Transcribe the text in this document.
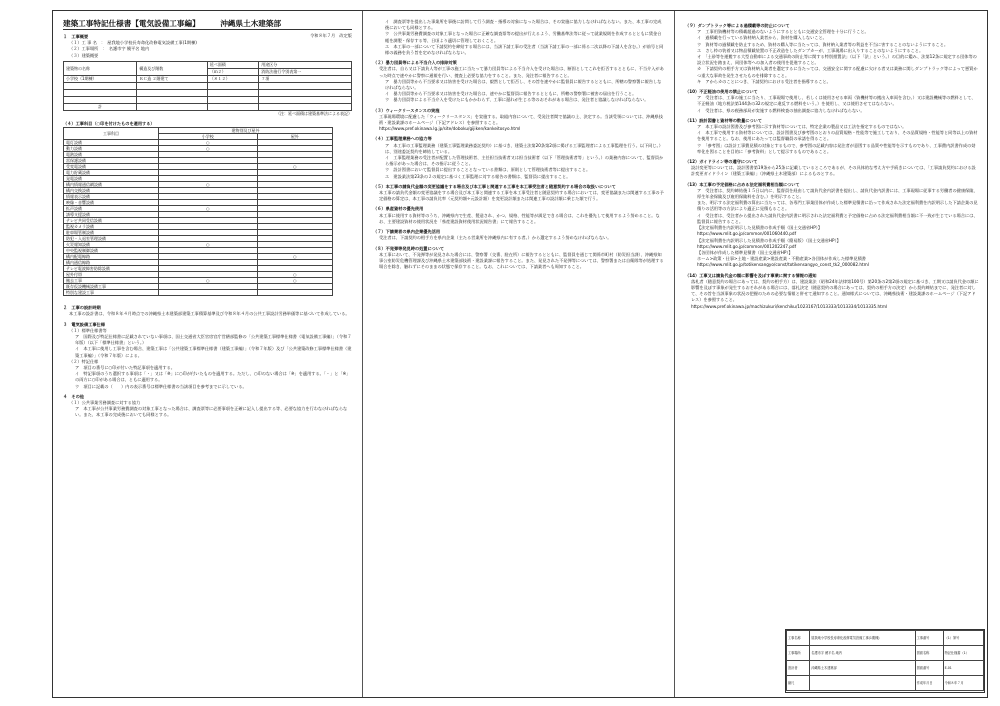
建築工事特記仕様書【電気設備工事編】	沖縄県土木建築部
令和８年７月　改定版
１　工事概要
（１）工 事 名　：　屋我地小学校長寿命化改修電気設備工事(1期棟)
（２）工事場所　：　名護市字 饒平名 地内
（３）建築概要
建築物の名称	構造及び階数	延べ面積	用途区分
		（ｍ２）	消防法施行令別表第一
小学校（1期棟）	ＲＣ造 ２階建て	（８１２）	７項

計			
（注：延べ面積は建築基準法による表記）
（４）工事科目（○印を付けたものを適用する）
工事科目	建物別及び屋外	
	小学校	屋外
電灯設備	○	
動力設備	○	
電熱設備		
雷保護設備		
受変電設備		○
電力貯蔵設備		
発電設備		
構内情報通信網設備	○	
構内交換設備		
情報表示設備		
映像・音響設備		
拡声設備	○	
誘導支援設備		
テレビ共同受信設備		
監視カメラ設備		
駐車場管制設備		
防犯・入退室管理設備		
火災報知設備	○	
中央監視制御設備		
構内配電線路		○
構内通信線路		
テレビ電波障害防除設備		
屋外付帯		○
撤去工事	○	○
既存仮設機械設備工事		
特別な建設工事		
２　工事の設計時期
本工事の設計書は、令和８年４月時点での沖縄県土木建築部建築工事積算基準及び令和８年４月の公共工事設計労務単価等に基づいて作成している。
３　電気設備工事仕様
（１）標準仕様書等
ア　国際及び特記仕様書に記載されていない事項は、国土交通省大臣官房官庁営繕部監修の「公共建築工事標準仕様書（電気設備工事編）」（令和７年版）（以下「標準仕様書」という。）
イ　本工事に使用し工事を含む場合、建築工事は「公共建築工事標準仕様書（建築工事編）」（令和７年版）及び「公共建築改修工事標準仕様書（建築工事編）」（令和７年版）による。
（２）特記仕様
ア　項目の番号に○印が付いた特記事項を適用する。
イ　特記事項のうち選択する事項は「・」又は「※」に○印が付いたものを適用する。ただし、○印のない場合は「※」を適用する。「・」と「※」の両方に○印がある場合は、ともに適用する。
ウ　項目に記載の（　　）内の表示番号は標準仕様書の当該項目を参考までに示している。
４　その他
（１）公共事業労務調査に対する協力
ア　本工事が公共事業労務費調査の対象工事となった場合は、調査票等に必要事項を正確に記入し提出する等、必要な協力を行わなければならない。また、本工事の完成後においても同様とする。
イ　調査票等を提出した事業所を事後に訪問して行う調査・指導の対象になった場合は、その実施に協力しなければならない。また、本工事の完成後においても同様とする。
ウ　公共事業労務費調査の対象工事となった場合に正確な調査票等の提出が行えるよう、労働基準法等に従って就業規則を作成するとともに賃金台帳を調製・保存する等、日頃より適切に管理しておくこと。
エ　本工事の一部について下請契約を締結する場合には、当該下請工事の受注者（当該下請工事の一部に係る二次以降の下請人を含む。）が前号と同様の義務を負う旨を定めなければならない。
（２）暴力団員等による不当介入の排除対策
受注者は、自ら又は下請負人等が工事の施工に当たって暴力団員等による不当介入を受けた場合は、断固としてこれを拒否するとともに、不当介入があった時点で速やかに警察に通報を行い、捜査上必要な協力をすること。また、発注者に報告すること。
ア　暴力団員等から不当要求又は妨害を受けた場合は、毅然として拒否し、その旨を速やかに監督員に報告するとともに、所轄の警察署に報告しなければならない。
イ　暴力団員等から不当要求又は妨害を受けた場合は、速やかに監督員に報告するとともに、所轄の警察署に被害の届出を行うこと。
ウ　暴力団員等による不当介入を受けたにもかかわらず、工事に遅れが生じる等のおそれがある場合は、発注者と協議しなければならない。
（３）ウィークリースタンスの実施
工事現場環境に配慮した「ウィークリースタンス」を実施する。取組内容について、受発注者間で協議の上、決定する。当該受領については、沖縄県技術・建設業課のホームページ（下記アドレス）を参照すること。
https://www.pref.okinawa.lg.jp/site/doboku/gijiken/kankeitosyo.html
（４）工事監理業務への協力等
ア　本工事の工事監理業務（建築工事監理業務委託契約）に基づき、建築士法第20条第2項に掲げる工事監理者による工事監理を行う。以下同じ。）は、別途委託契約を締結している。
イ　工事監理業務の受注者が配置した管理技術者、主任担当技術者又は担当技術者（以下「管理技術者等」という。）の業務内容について、監督員から指示があった場合は、その指示に従うこと。
ウ　設計図書において監督員に提出することとなっている書類は、原則として管理技術者等に提出すること。
エ　建設業法第23条の２の規定に基づく工事監理に対する報告の書類は、監督員に提出すること。
（５）本工事の請負代金額の変更協議をする場合及び本工事と関連する工事を本工事受注者と随意契約する場合の取扱いについて
本工事の請負代金額の変更協議をする場合及び本工事と関連する工事を本工事受注者と随意契約する場合においては、変更協議または関連する工事の予定価格の算定は、本工事の請負比率（元契約額÷元設計額）を変更設計額または関連工事の設計額に乗じた額で行う。
（６）県産資材の優先使用
本工事に使用する資材等のうち、沖縄県内で生産、製造され、かつ、規格、性能等が満足できる場合は、これを優先して使用するよう努めること。なお、主要建設資材の使用状況を「県産建設資材使用状況報告書」にて報告すること。
（７）下請業者の県内企業優先活用
受注者は、下請契約の相手方を県内企業（主たる営業所を沖縄県内に有する者。）から選定するよう努めなければならない。
（８）不発弾等発見時の処置について
本工事において、不発弾等が発見された場合には、警察署（交番、駐在所）に報告するとともに、監督員を通じて関係市町村（防災担当課）、沖縄県知事公室防災危機管理課及び沖縄県土木建築部技術・建設業課に報告すること。また、発見された不発弾等については、警察署または自衛隊等が処理する場合を除き、触れずにそのままの状態で保存すること。なお、これについては、下請業者へも周知すること。
（９）ダンプトラック等による過積載等の防止について
ア　工事用資機材等の積載超過のないようにするとともに交通安全管理を十分に行うこと。
イ　過積載を行っている資材納入業者から、資材を購入しないこと。
ウ　資材等の過積載を防止するため、資材の購入等に当たっては、資材納入業者等の利益を不当に害することのないようにすること。
エ　さし枠の装着又は物品積載装置の不正改造をしたダンプカーが、工事現場に出入りすることのないようにすること。
オ　「土砂等を運搬する大型自動車による交通事故の防止等に関する特別措置法」（以下「法」という。）の目的に鑑み、法第12条に規定する団体等の設立状況を踏まえ、同団体等への加入者の使用を促進すること。
カ　下請契約の相手方又は資材納入業者を選定するに当たっては、交通安全に関する配慮に欠ける者又は業務に関しダンプトラック等によって悪質かつ重大な事故を発生させたものを排除すること。
キ　アからカのことにつき、下請契約における受注者を指導すること。
（10）不正軽油の使用の禁止について
ア　受注者は、工事の施工に当たり、工事現場で使用し、若しくは使用させる車両（資機材等の搬出入車両を含む。）又は建設機械等の燃料として、不正軽油（地方税法第144条の32の規定に違反する燃料をいう。）を使用し、又は使用させてはならない。
イ　受注者は、県の税務部局が実施する燃料検査の抽出調査に協力しなければならない。
（11）設計図書と資材等の数量について
ア　本工事の設計図書及び参考図に示す資材等については、特定企業の製品又は工法を指定するものではない。
イ　本工事で使用する資材等については、設計図書及び参考図のとおりの品質規格・性能等で施工しており、その品質規格・性能等と同等以上の資材を使用すること。なお、使用にあたっては監督職員の承諾を得ること。
ウ　「参考図」は設計工事費見積の対象とするもので、参考図の記載内容は発注者が意図する品質や性能等を示すものであり、工事費内訳書作成の効率化を図ることを目的に「参考資料」として提示するものであること。
（12）ガイドライン等の遵守について
設計変更等については、設計図書第19条から25条に記載しているところであるが、その具体的な考え方や手続きについては、「工事請負契約における設計変更ガイドライン（建築工事編）」（沖縄県土木建築部）によるものとする。
（13）本工事の予定価格に占める法定福利費相当額について
ア　受注者は、契約締結後１５日以内に、監督員を経由して請負代金内訳書を提出し、請負代金内訳書には、工事現場に従事する労働者の健康保険、厚生年金保険及び雇用保険料を含む。）を明示すること。
また、明示する法定福利費の算出に当たっては、各専門工事業団体が作成した標準見積書に沿って作成された法定福利費を内訳明示した下請企業の見積りの活用等の方法により適正に見積もること。
イ　受注者は、受注者から提出された請負代金内訳書に明示された法定福利費と予定価格に占める法定福利費相当額に不一致が生じている場合には、監督員に報告すること。
【法定福利費を内訳明示した見積書の作成手順（国土交通省HP）】
https://www.mlit.go.jp/common/001060440.pdf
【法定福利費を内訳明示した見積書の作成手順（簡易版）（国土交通省HP）】
https://www.mlit.go.jp/common/001202247.pdf
【各団体が作成した標準見積書（国土交通省HP）】
ホーム>政策・仕事>土地・建設産業>建設産業・不動産業>各団体が作成した標準見積書
https://www.mlit.go.jp/totikensangyo/const/totikensangyo_const_tk2_000082.html
（14）工事又は請負代金の額に影響を及ぼす事業に関する情報の通知
落札者（随意契約の場合にあっては、契約の相手方）は、建設業法（昭和24年法律第100号）第20条の2第2項の規定に基づき、工期又は請負代金の額に影響を及ぼす事象が発生するおそれがある場合には、落札決定（随意契約の場合にあっては、契約の相手方の決定）から契約締結までに、発注者に対して、その旨を当該事象の状況の把握のための必要な情報と併せて通知すること。通知様式については、沖縄県技術・建設業課のホームページ（下記アドレス）を参照すること。
https://www.pref.okinawa.jp/machizukuri/kenchiku/1023167/1013333/1013334/1013335.html
工事名称	屋我地小学校長寿命化改修電気設備工事(1期棟)	工事番号	（1）第号
工事場所	名護市字 饒平名 地内	図面名称	特記仕様書（1）
設計者	沖縄県土木建築部	図面番号	E-01
縮尺		作成年月日	令和８年７月
